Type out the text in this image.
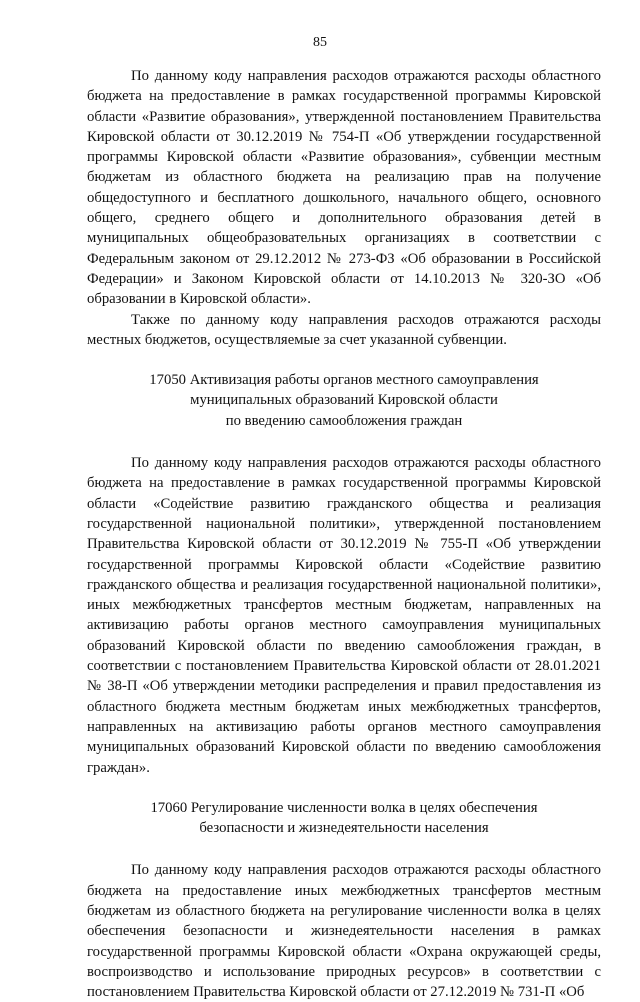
85

По данному коду направления расходов отражаются расходы областного бюджета на предоставление в рамках государственной программы Кировской области «Развитие образования», утвержденной постановлением Правительства Кировской области от 30.12.2019 № 754-П «Об утверждении государственной программы Кировской области «Развитие образования», субвенции местным бюджетам из областного бюджета на реализацию прав на получение общедоступного и бесплатного дошкольного, начального общего, основного общего, среднего общего и дополнительного образования детей в муниципальных общеобразовательных организациях в соответствии с Федеральным законом от 29.12.2012 № 273-ФЗ «Об образовании в Российской Федерации» и Законом Кировской области от 14.10.2013 № 320-ЗО «Об образовании в Кировской области».

Также по данному коду направления расходов отражаются расходы местных бюджетов, осуществляемые за счет указанной субвенции.

17050 Активизация работы органов местного самоуправления
муниципальных образований Кировской области
по введению самообложения граждан

По данному коду направления расходов отражаются расходы областного бюджета на предоставление в рамках государственной программы Кировской области «Содействие развитию гражданского общества и реализация государственной национальной политики», утвержденной постановлением Правительства Кировской области от 30.12.2019 № 755-П «Об утверждении государственной программы Кировской области «Содействие развитию гражданского общества и реализация государственной национальной политики», иных межбюджетных трансфертов местным бюджетам, направленных на активизацию работы органов местного самоуправления муниципальных образований Кировской области по введению самообложения граждан, в соответствии с постановлением Правительства Кировской области от 28.01.2021 № 38-П «Об утверждении методики распределения и правил предоставления из областного бюджета местным бюджетам иных межбюджетных трансфертов, направленных на активизацию работы органов местного самоуправления муниципальных образований Кировской области по введению самообложения граждан».

17060 Регулирование численности волка в целях обеспечения
безопасности и жизнедеятельности населения

По данному коду направления расходов отражаются расходы областного бюджета на предоставление иных межбюджетных трансфертов местным бюджетам из областного бюджета на регулирование численности волка в целях обеспечения безопасности и жизнедеятельности населения в рамках государственной программы Кировской области «Охрана окружающей среды, воспроизводство и использование природных ресурсов» в соответствии с постановлением Правительства Кировской области от 27.12.2019 № 731-П «Об
